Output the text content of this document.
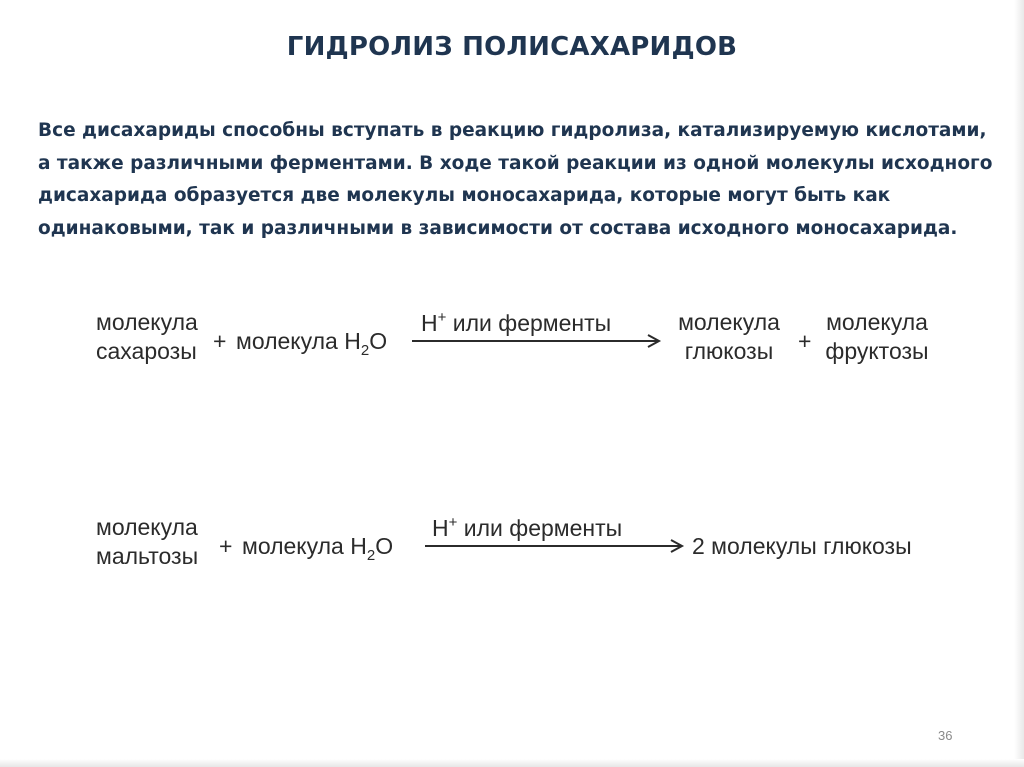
ГИДРОЛИЗ ПОЛИСАХАРИДОВ

Все дисахариды способны вступать в реакцию гидролиза, катализируемую кислотами, а также различными ферментами. В ходе такой реакции из одной молекулы исходного дисахарида образуется две молекулы моносахарида, которые могут быть как одинаковыми, так и различными в зависимости от состава исходного моносахарида.

молекула
сахарозы + молекула $H_2O$
H+ или ферменты	молекула
глюкозы	+
молекула
фруктозы
молекула
мальтозы + молекула $H_2O$
H+ или ферменты
2 молекулы глюкозы
36
